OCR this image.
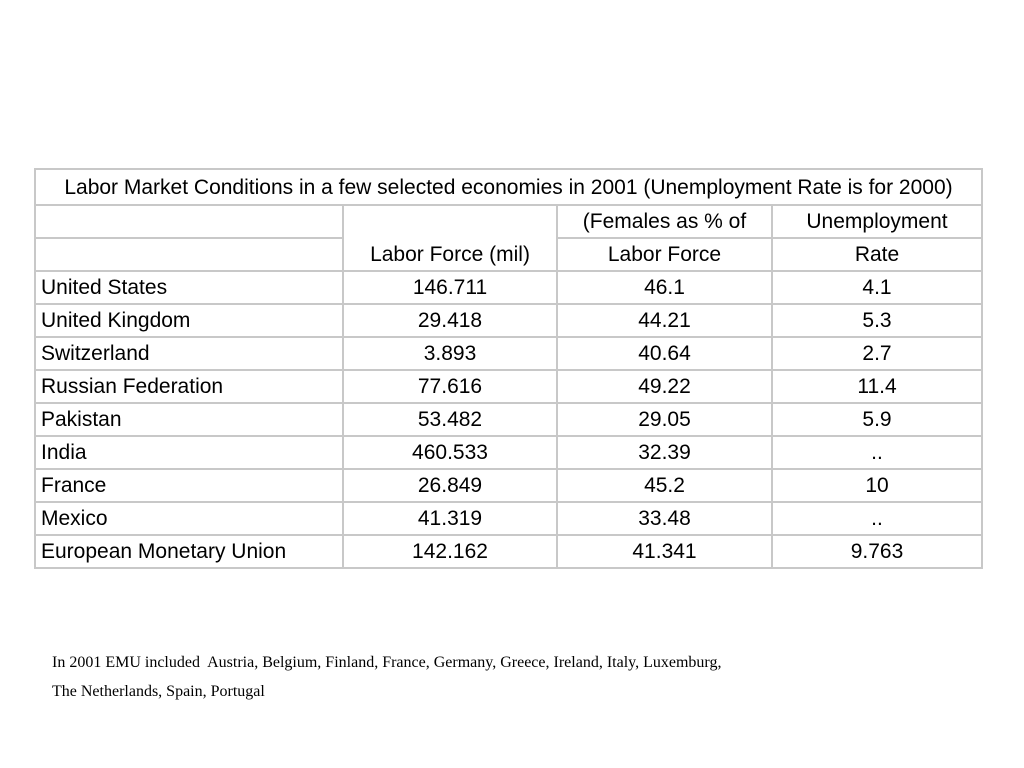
Labor Market Conditions in a few selected economies in 2001 (Unemployment Rate is for 2000)			
	Labor Force (mil)	(Females as % of	Unemployment
		Labor Force	Rate
United States	146.711	46.1	4.1
United Kingdom	29.418	44.21	5.3
Switzerland	3.893	40.64	2.7
Russian Federation	77.616	49.22	11.4
Pakistan	53.482	29.05	5.9
India	460.533	32.39	..
France	26.849	45.2	10
Mexico	41.319	33.48	..
European Monetary Union	142.162	41.341	9.763
In 2001 EMU included  Austria, Belgium, Finland, France, Germany, Greece, Ireland, Italy, Luxemburg,
The Netherlands, Spain, Portugal
